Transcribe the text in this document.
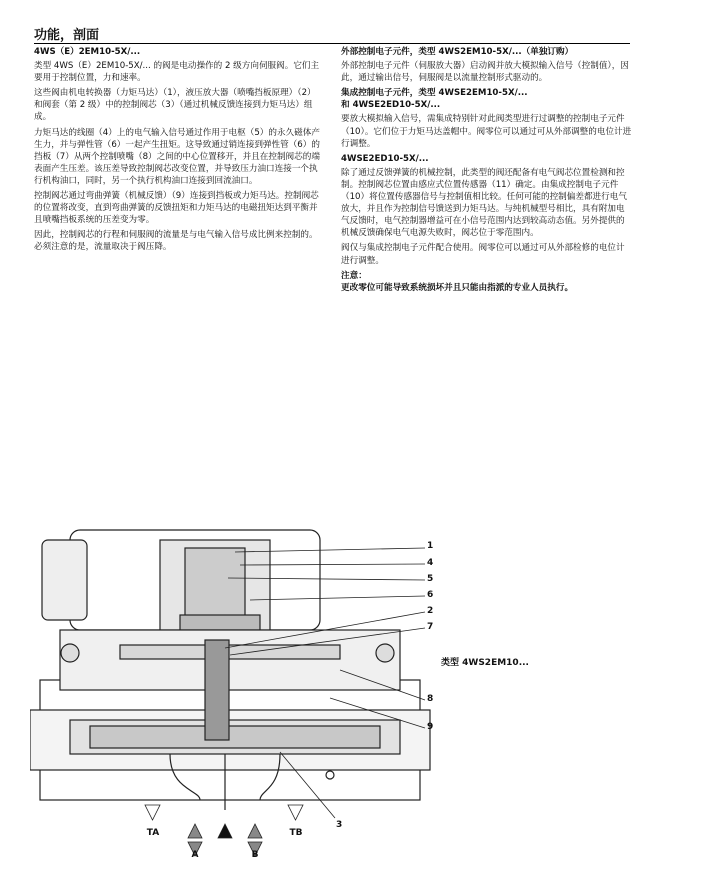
功能，剖面

4WS（E）2EM10-5X/...

类型 4WS（E）2EM10-5X/... 的阀是电动操作的 2 级方向伺服阀。它们主要用于控制位置，力和速率。

这些阀由机电转换器（力矩马达）（1），液压放大器（喷嘴挡板原理）（2）和阀套（第 2 级）中的控制阀芯（3）（通过机械反馈连接到力矩马达）组成。

力矩马达的线圈（4）上的电气输入信号通过作用于电枢（5）的永久磁体产生力，并与弹性管（6）一起产生扭矩。这导致通过销连接到弹性管（6）的挡板（7）从两个控制喷嘴（8）之间的中心位置移开，并且在控制阀芯的端表面产生压差。该压差导致控制阀芯改变位置，并导致压力油口连接一个执行机构油口，同时，另一个执行机构油口连接到回流油口。

控制阀芯通过弯曲弹簧（机械反馈）（9）连接到挡板或力矩马达。控制阀芯的位置将改变，直到弯曲弹簧的反馈扭矩和力矩马达的电磁扭矩达到平衡并且喷嘴挡板系统的压差变为零。

因此，控制阀芯的行程和伺服阀的流量是与电气输入信号成比例来控制的。必须注意的是，流量取决于阀压降。

外部控制电子元件，类型 4WS2EM10-5X/...（单独订购）

外部控制电子元件（伺服放大器）启动阀并放大模拟输入信号（控制值），因此，通过输出信号，伺服阀是以流量控制形式驱动的。

集成控制电子元件，类型 4WSE2EM10-5X/...

和 4WSE2ED10-5X/...

要放大模拟输入信号，需集成特别针对此阀类型进行过调整的控制电子元件（10）。它们位于力矩马达盖帽中。阀零位可以通过可从外部调整的电位计进行调整。

4WSE2ED10-5X/...

除了通过反馈弹簧的机械控制，此类型的阀还配备有电气阀芯位置检测和控制。控制阀芯位置由感应式位置传感器（11）确定。由集成控制电子元件（10）将位置传感器信号与控制值相比较。任何可能的控制偏差都进行电气放大，并且作为控制信号馈送到力矩马达。与纯机械型号相比，具有附加电气反馈时，电气控制器增益可在小信号范围内达到较高动态值。另外提供的机械反馈确保电气电源失败时，阀芯位于零范围内。

阀仅与集成控制电子元件配合使用。阀零位可以通过可从外部检修的电位计进行调整。

注意：

更改零位可能导致系统损坏并且只能由指派的专业人员执行。

1
4
5
6
2
7
8
9
3
类型 4WS2EM10...
TA
A
P
B
TB
